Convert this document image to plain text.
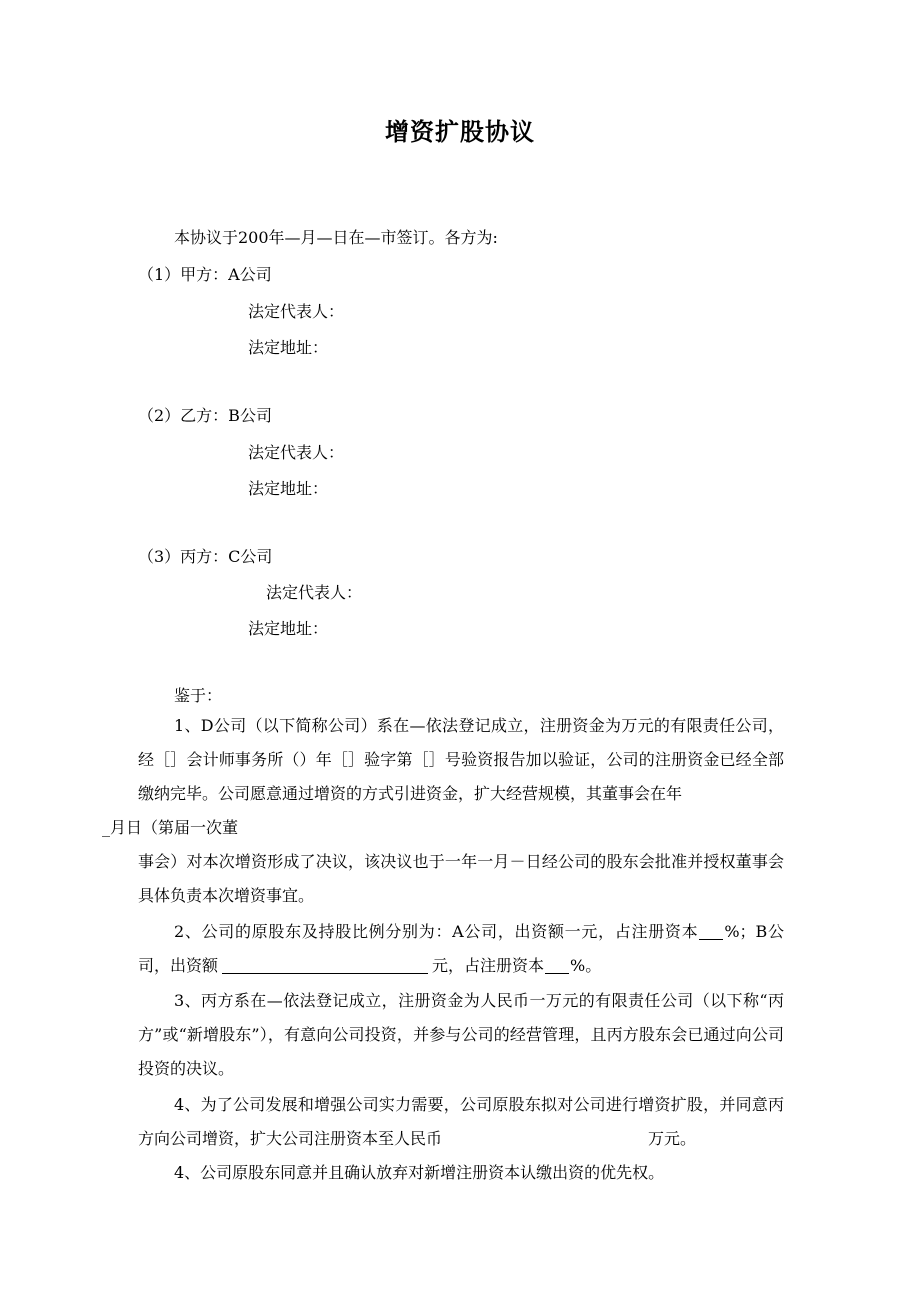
增资扩股协议
本协议于200年—月—日在—市签订。各方为:
（1）甲方：A公司
法定代表人：
法定地址：
（2）乙方：B公司
法定代表人：
法定地址：
（3）丙方：C公司
法定代表人：
法定地址：
鉴于：
1、D公司（以下简称公司）系在—依法登记成立，注册资金为万元的有限责任公司，经［］会计师事务所（）年［］验字第［］号验资报告加以验证，公司的注册资金已经全部缴纳完毕。公司愿意通过增资的方式引进资金，扩大经营规模，其董事会在年
_月日（第届一次董
事会）对本次增资形成了决议，该决议也于一年一月－日经公司的股东会批准并授权董事会具体负责本次增资事宜。
2、公司的原股东及持股比例分别为：A公司，出资额一元，占注册资本 %；B公司，出资额	元，占注册资本 %。
3、丙方系在—依法登记成立，注册资金为人民币一万元的有限责任公司（以下称“丙方”或“新增股东”），有意向公司投资，并参与公司的经营管理，且丙方股东会已通过向公司投资的决议。
4、为了公司发展和增强公司实力需要，公司原股东拟对公司进行增资扩股，并同意丙方向公司增资，扩大公司注册资本至人民币	万元。
4、公司原股东同意并且确认放弃对新增注册资本认缴出资的优先权。
